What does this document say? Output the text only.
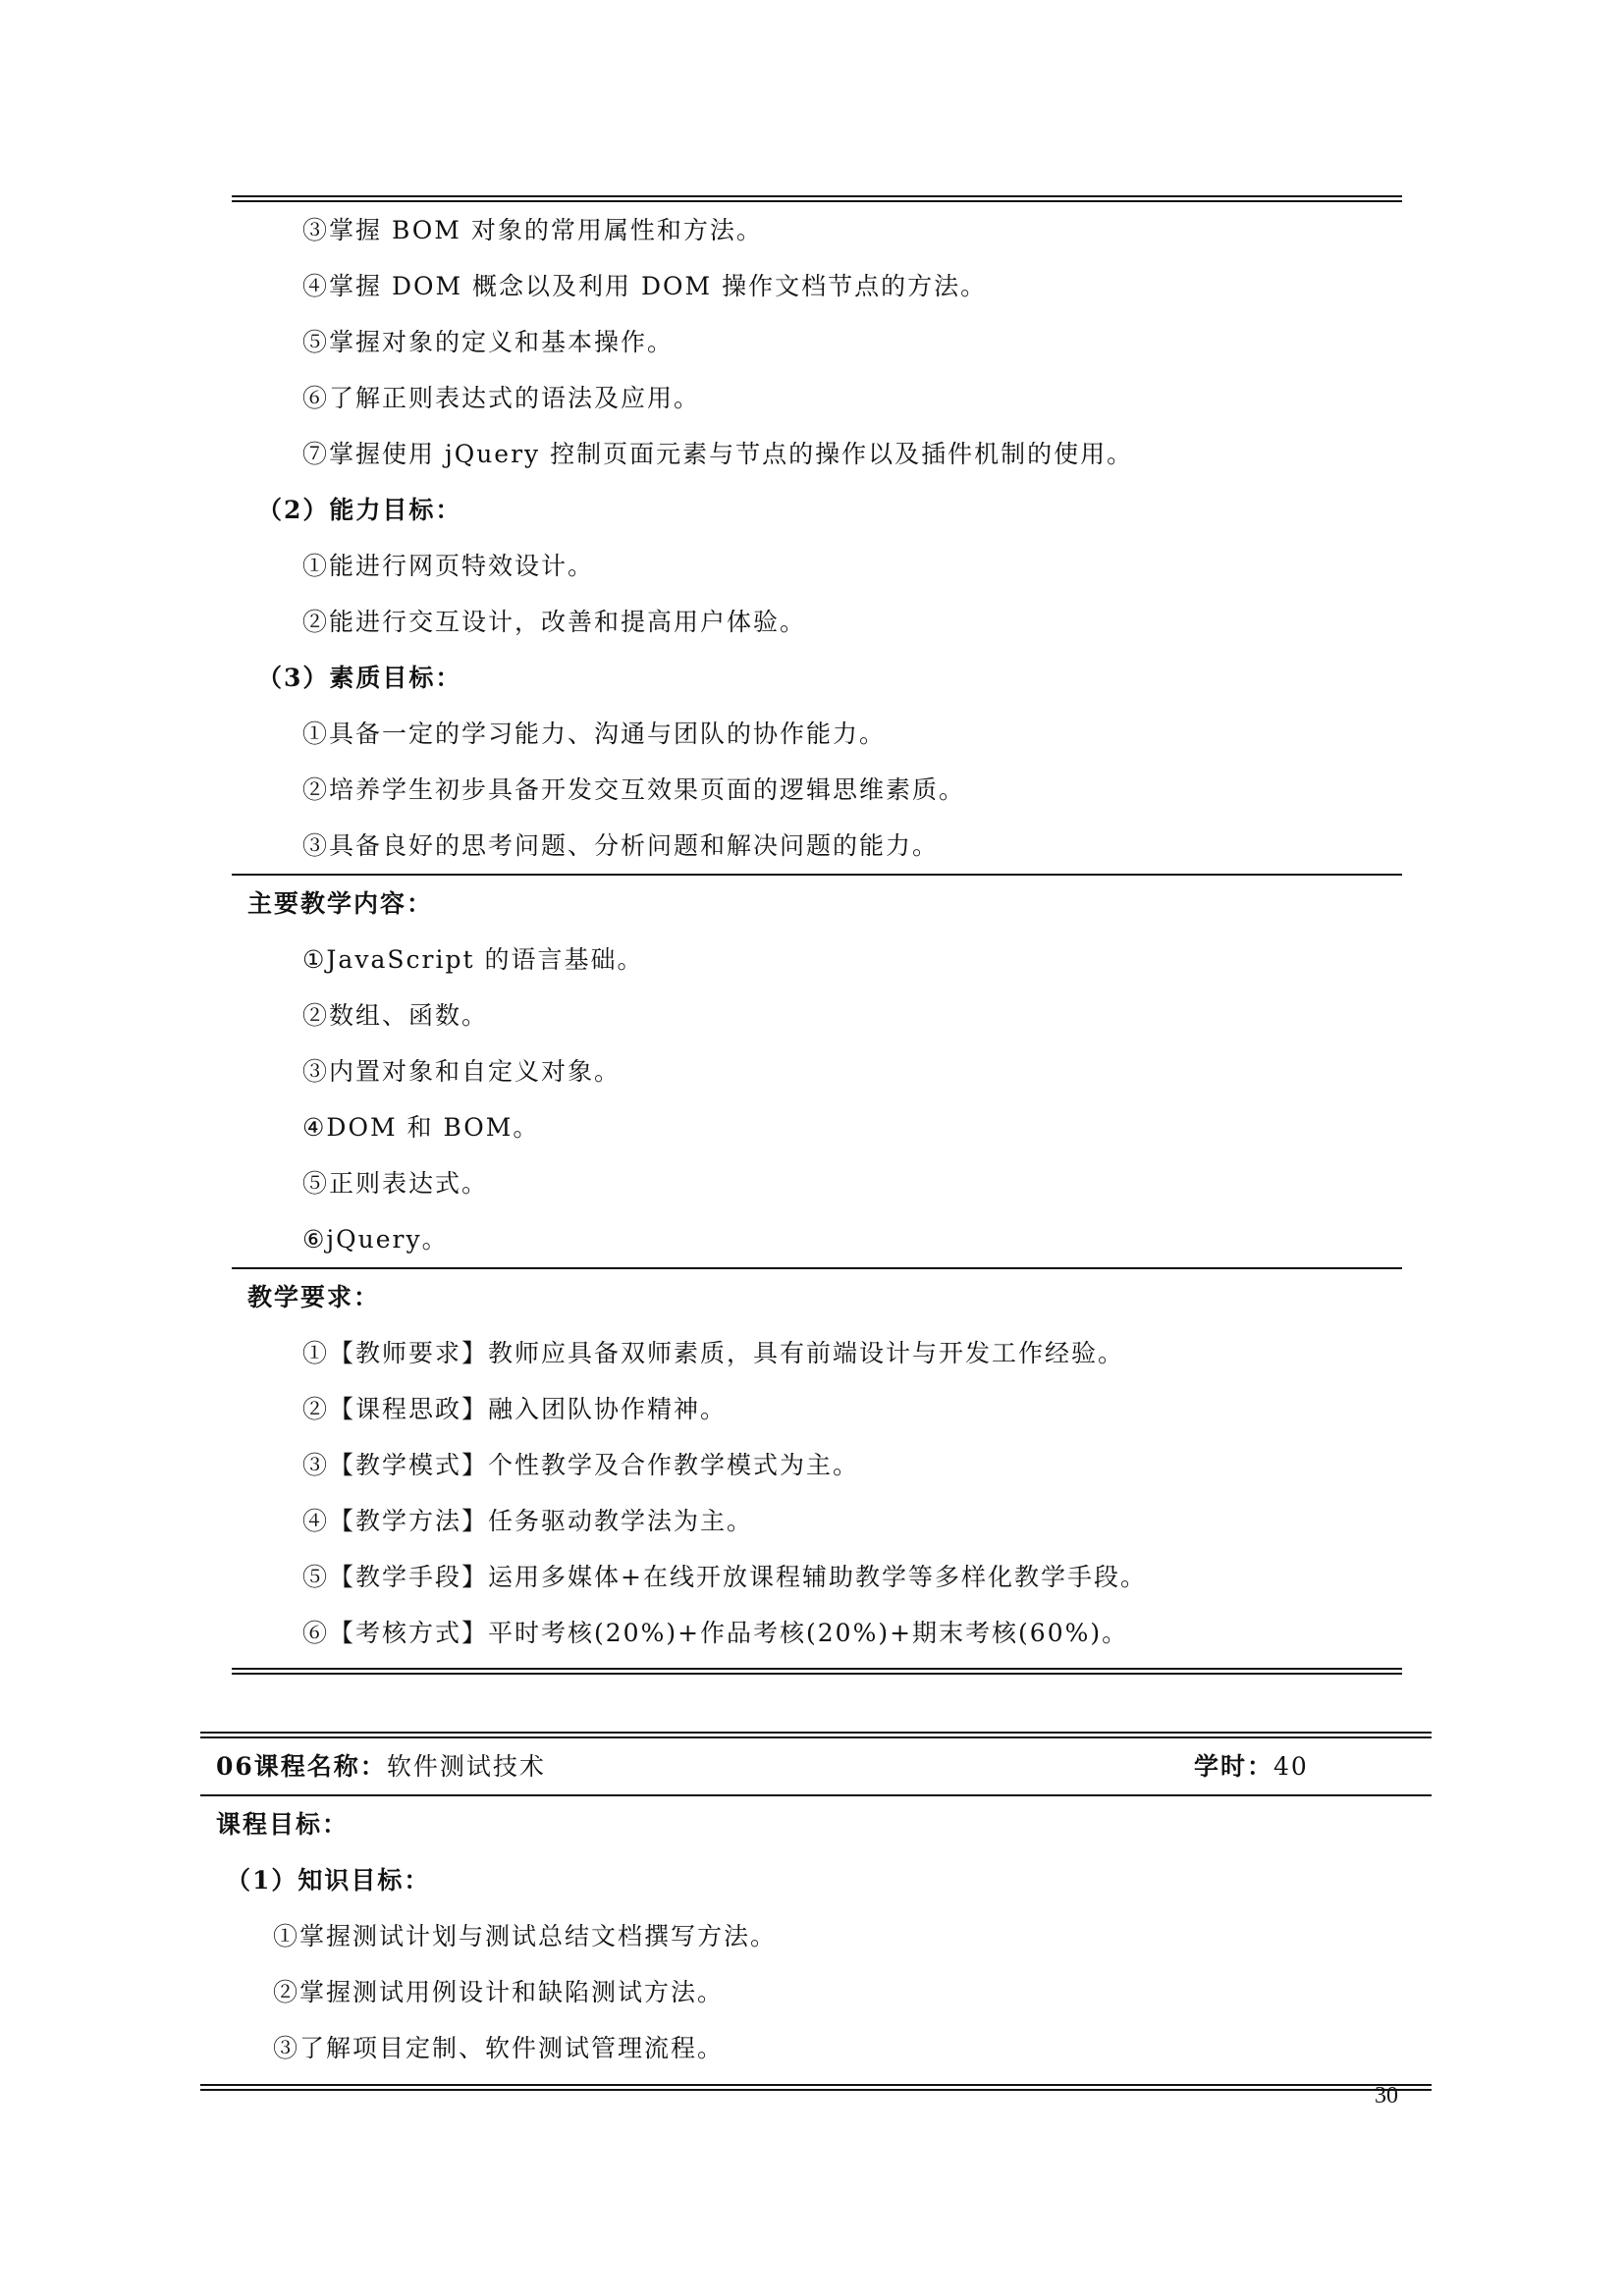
③掌握 BOM 对象的常用属性和方法。
④掌握 DOM 概念以及利用 DOM 操作文档节点的方法。
⑤掌握对象的定义和基本操作。
⑥了解正则表达式的语法及应用。
⑦掌握使用 jQuery 控制页面元素与节点的操作以及插件机制的使用。
（2）能力目标：
①能进行网页特效设计。
②能进行交互设计，改善和提高用户体验。
（3）素质目标：
①具备一定的学习能力、沟通与团队的协作能力。
②培养学生初步具备开发交互效果页面的逻辑思维素质。
③具备良好的思考问题、分析问题和解决问题的能力。
主要教学内容：
①JavaScript 的语言基础。
②数组、函数。
③内置对象和自定义对象。
④DOM 和 BOM。
⑤正则表达式。
⑥jQuery。
教学要求：
①【教师要求】教师应具备双师素质，具有前端设计与开发工作经验。
②【课程思政】融入团队协作精神。
③【教学模式】个性教学及合作教学模式为主。
④【教学方法】任务驱动教学法为主。
⑤【教学手段】运用多媒体+在线开放课程辅助教学等多样化教学手段。
⑥【考核方式】平时考核(20%)+作品考核(20%)+期末考核(60%)。
06课程名称：软件测试技术	学时：40
课程目标：
（1）知识目标：
①掌握测试计划与测试总结文档撰写方法。
②掌握测试用例设计和缺陷测试方法。
③了解项目定制、软件测试管理流程。
30
